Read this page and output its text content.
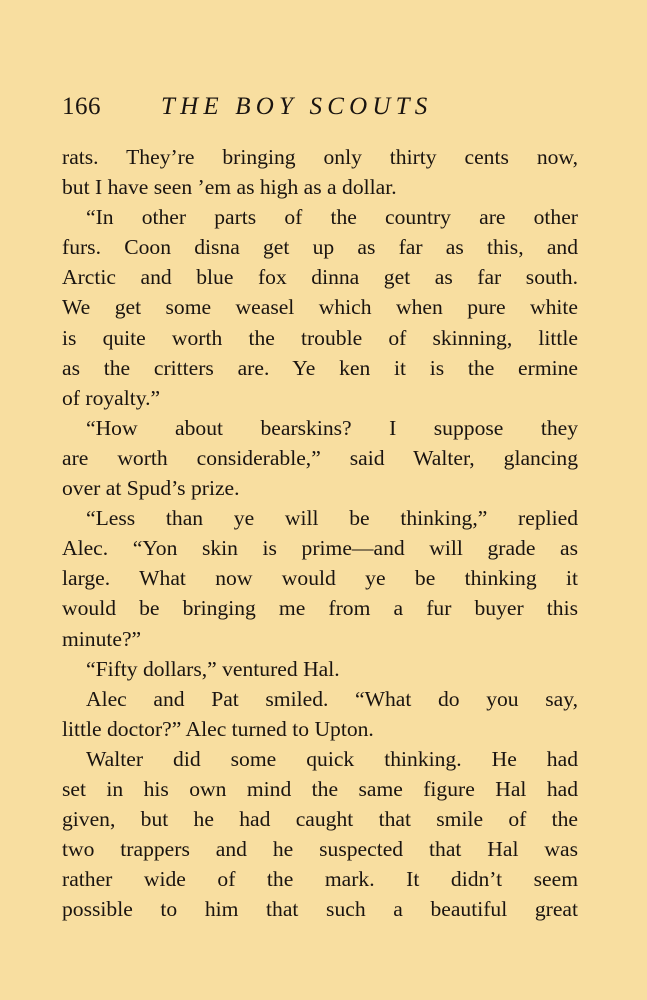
166 THE BOY SCOUTS
rats. They’re bringing only thirty cents now,
but I have seen ’em as high as a dollar.
“In other parts of the country are other
furs. Coon disna get up as far as this, and
Arctic and blue fox dinna get as far south.
We get some weasel which when pure white
is quite worth the trouble of skinning, little
as the critters are. Ye ken it is the ermine
of royalty.”
“How about bearskins? I suppose they
are worth considerable,” said Walter, glancing
over at Spud’s prize.
“Less than ye will be thinking,” replied
Alec. “Yon skin is prime—and will grade as
large. What now would ye be thinking it
would be bringing me from a fur buyer this
minute?”
“Fifty dollars,” ventured Hal.
Alec and Pat smiled. “What do you say,
little doctor?” Alec turned to Upton.
Walter did some quick thinking. He had
set in his own mind the same figure Hal had
given, but he had caught that smile of the
two trappers and he suspected that Hal was
rather wide of the mark. It didn’t seem
possible to him that such a beautiful great
